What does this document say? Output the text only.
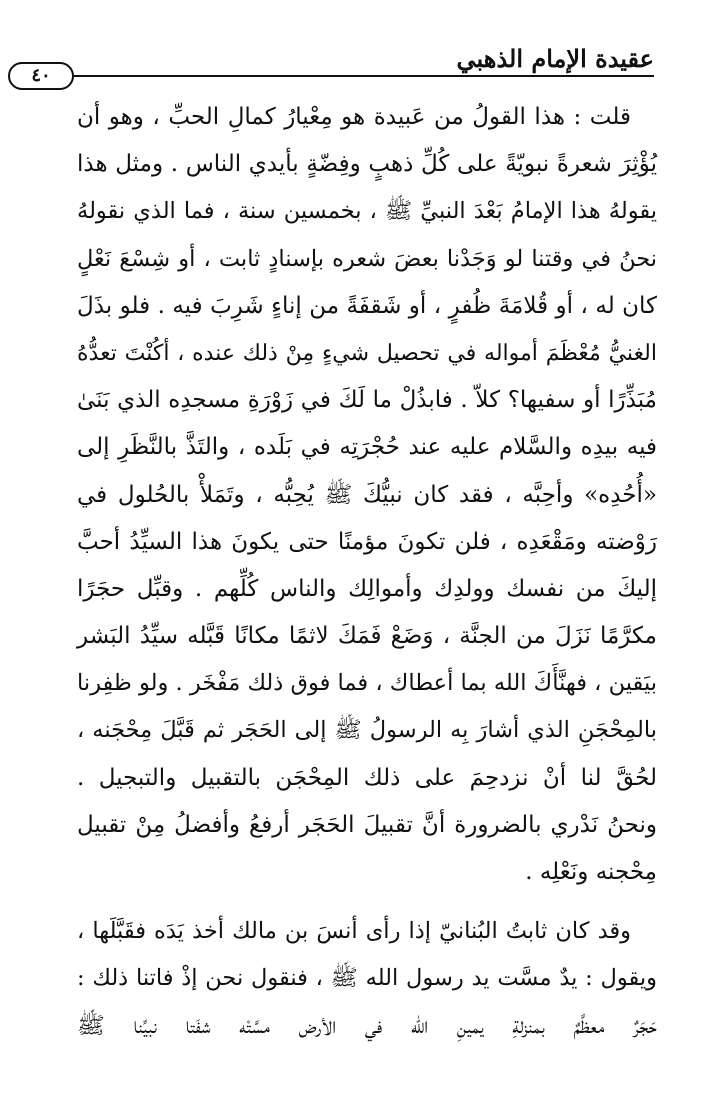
عقيدة الإمام الذهبي
٤٠
قلت : هذا القولُ من عَبيدة هو مِعْيارُ كمالِ الحبِّ ، وهو أن
يُؤْثِرَ شعرةً نبويّةً على كُلِّ ذهبٍ وفِضّةٍ بأيدي الناس . ومثل هذا
يقولهُ هذا الإمامُ بَعْدَ النبيِّ ﷺ ، بخمسين سنة ، فما الذي نقولهُ
نحنُ في وقتنا لو وَجَدْنا بعضَ شعره بإسنادٍ ثابت ، أو شِسْعَ نَعْلٍ
كان له ، أو قُلامَةَ ظُفرٍ ، أو شَقفَةً من إناءٍ شَرِبَ فيه . فلو بذَلَ
الغنيُّ مُعْظَمَ أمواله في تحصيل شيءٍ مِنْ ذلك عنده ، أكُنْتَ تعدُّهُ
مُبَذِّرًا أو سفيها؟ كلاّ . فابذُلْ ما لَكَ في زَوْرَةِ مسجدِه الذي بَنَىٰ
فيه بيدِه والسَّلام عليه عند حُجْرَتِه في بَلَده ، والتَذَّ بالنَّظَرِ إلى
«أُحُدِه» وأحِبَّه ، فقد كان نبيُّكَ ﷺ يُحِبُّه ، وتَمَلأْ بالحُلول في
رَوْضته ومَقْعَدِه ، فلن تكونَ مؤمنًا حتى يكونَ هذا السيِّدُ أحبَّ
إليكَ من نفسك وولدِك وأموالِك والناس كُلِّهم . وقبِّل حجَرًا
مكرَّمًا نَزَلَ من الجنَّة ، وَضَعْ فَمَكَ لاثمًا مكانًا قَبَّله سيِّدُ البَشر
بيَقين ، فهنَّأَكَ الله بما أعطاك ، فما فوق ذلك مَفْخَر . ولو ظفِرنا
بالمِحْجَنِ الذي أشارَ بِه الرسولُ ﷺ إلى الحَجَر ثم قَبَّلَ مِحْجَنه ،
لحُقَّ لنا أنْ نزدحِمَ على ذلك المِحْجَن بالتقبيل والتبجيل .
ونحنُ نَدْري بالضرورة أنَّ تقبيلَ الحَجَر أرفعُ وأفضلُ مِنْ تقبيل
مِحْجنه ونَعْلِه .
وقد كان ثابتُ البُنانيّ إذا رأى أنسَ بن مالك أخذ يَدَه فقَبَّلَها ،
ويقول : يدٌ مسَّت يد رسول الله ﷺ ، فنقول نحن إذْ فاتنا ذلك :
حَجَرٌ معظَّمٌ بمنزلةِ يمينِ الله في الأرض مسَّتْه شفَتا نبيِّنا ﷺ
